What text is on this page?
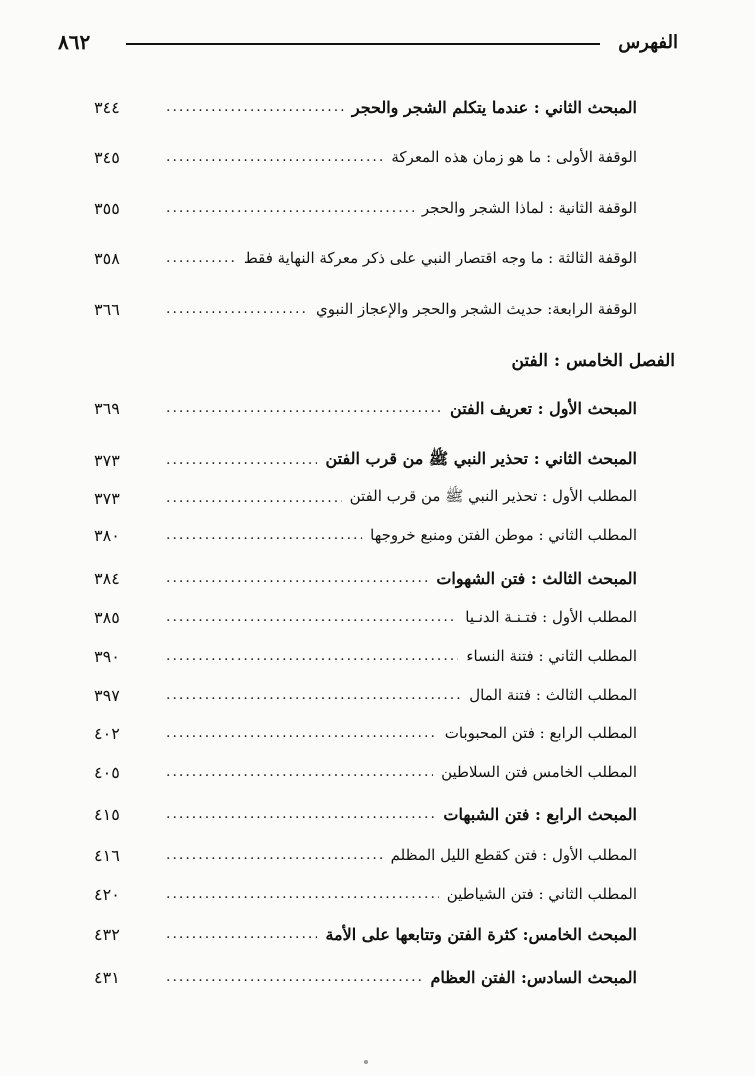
الفهرس
٨٦٢
الفصل الخامس : الفتن
المبحث الثاني : عندما يتكلم الشجر والحجر
.....
٣٤٤
الوقفة الأولى : ما هو زمان هذه المعركة
.....
٣٤٥
الوقفة الثانية : لماذا الشجر والحجر
.....
٣٥٥
الوقفة الثالثة : ما وجه اقتصار النبي على ذكر معركة النهاية فقط
.....
٣٥٨
الوقفة الرابعة: حديث الشجر والحجر والإعجاز النبوي
.....
٣٦٦
المبحث الأول : تعريف الفتن
.....
٣٦٩
المبحث الثاني : تحذير النبي ﷺ من قرب الفتن
.....
٣٧٣
المطلب الأول : تحذير النبي ﷺ من قرب الفتن
.....
٣٧٣
المطلب الثاني : موطن الفتن ومنبع خروجها
.....
٣٨٠
المبحث الثالث : فتن الشهوات
.....
٣٨٤
المطلب الأول : فتـنـة الدنـيا
.....
٣٨٥
المطلب الثاني : فتنة النساء
.....
٣٩٠
المطلب الثالث : فتنة المال
.....
٣٩٧
المطلب الرابع : فتن المحبوبات
.....
٤٠٢
المطلب الخامس فتن السلاطين
.....
٤٠٥
المبحث الرابع : فتن الشبهات
.....
٤١٥
المطلب الأول : فتن كقطع الليل المظلم
.....
٤١٦
المطلب الثاني : فتن الشياطين
.....
٤٢٠
المبحث الخامس: كثرة الفتن وتتابعها على الأمة
.....
٤٣٢
المبحث السادس: الفتن العظام
.....
٤٣١
